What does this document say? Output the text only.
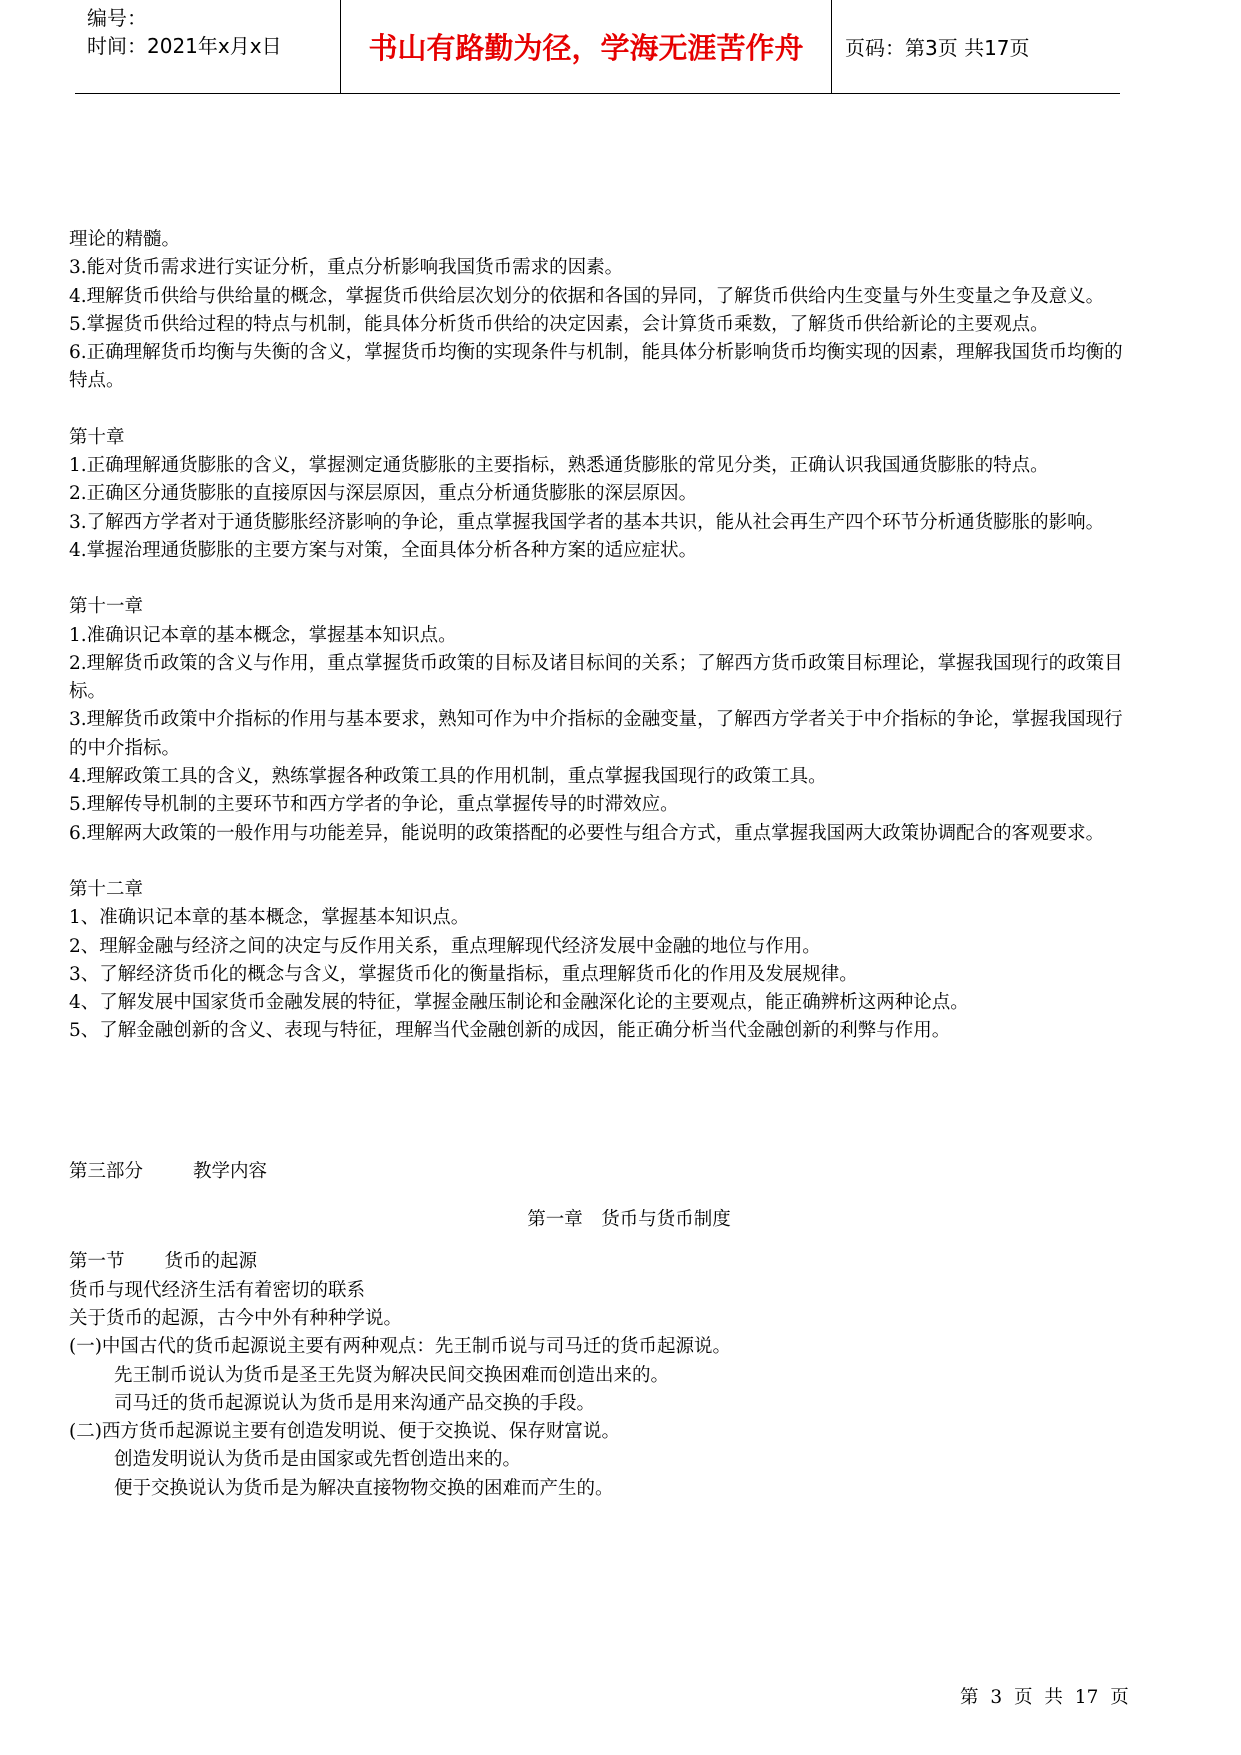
编号：
时间：2021年x月x日	书山有路勤为径，学海无涯苦作舟	页码：第3页 共17页

理论的精髓。

3.能对货币需求进行实证分析，重点分析影响我国货币需求的因素。

4.理解货币供给与供给量的概念，掌握货币供给层次划分的依据和各国的异同，了解货币供给内生变量与外生变量之争及意义。

5.掌握货币供给过程的特点与机制，能具体分析货币供给的决定因素，会计算货币乘数，了解货币供给新论的主要观点。

6.正确理解货币均衡与失衡的含义，掌握货币均衡的实现条件与机制，能具体分析影响货币均衡实现的因素，理解我国货币均衡的特点。

第十章

1.正确理解通货膨胀的含义，掌握测定通货膨胀的主要指标，熟悉通货膨胀的常见分类，正确认识我国通货膨胀的特点。

2.正确区分通货膨胀的直接原因与深层原因，重点分析通货膨胀的深层原因。

3.了解西方学者对于通货膨胀经济影响的争论，重点掌握我国学者的基本共识，能从社会再生产四个环节分析通货膨胀的影响。

4.掌握治理通货膨胀的主要方案与对策，全面具体分析各种方案的适应症状。

第十一章

1.准确识记本章的基本概念，掌握基本知识点。

2.理解货币政策的含义与作用，重点掌握货币政策的目标及诸目标间的关系；了解西方货币政策目标理论，掌握我国现行的政策目标。

3.理解货币政策中介指标的作用与基本要求，熟知可作为中介指标的金融变量，了解西方学者关于中介指标的争论，掌握我国现行的中介指标。

4.理解政策工具的含义，熟练掌握各种政策工具的作用机制，重点掌握我国现行的政策工具。

5.理解传导机制的主要环节和西方学者的争论，重点掌握传导的时滞效应。

6.理解两大政策的一般作用与功能差异，能说明的政策搭配的必要性与组合方式，重点掌握我国两大政策协调配合的客观要求。

第十二章

1、准确识记本章的基本概念，掌握基本知识点。

2、理解金融与经济之间的决定与反作用关系，重点理解现代经济发展中金融的地位与作用。

3、了解经济货币化的概念与含义，掌握货币化的衡量指标，重点理解货币化的作用及发展规律。

4、了解发展中国家货币金融发展的特征，掌握金融压制论和金融深化论的主要观点，能正确辨析这两种论点。

5、了解金融创新的含义、表现与特征，理解当代金融创新的成因，能正确分析当代金融创新的利弊与作用。

第三部分	教学内容

第一章　货币与货币制度

第一节 货币的起源

货币与现代经济生活有着密切的联系

关于货币的起源，古今中外有种种学说。

(一)中国古代的货币起源说主要有两种观点：先王制币说与司马迁的货币起源说。

先王制币说认为货币是圣王先贤为解决民间交换困难而创造出来的。

司马迁的货币起源说认为货币是用来沟通产品交换的手段。

(二)西方货币起源说主要有创造发明说、便于交换说、保存财富说。

创造发明说认为货币是由国家或先哲创造出来的。

便于交换说认为货币是为解决直接物物交换的困难而产生的。

第 3 页 共 17 页
